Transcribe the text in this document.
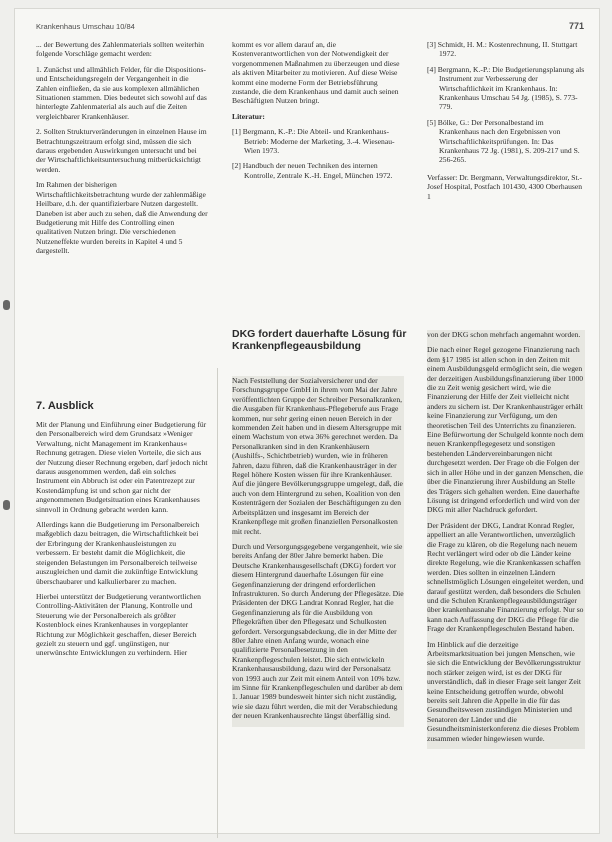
Krankenhaus Umschau 10/84	771

... der Bewertung des Zahlenmaterials sollten weiterhin folgende Vorschläge gemacht werden:

1. Zunächst und allmählich Felder, für die Dispositions- und Entscheidungsregeln der Vergangenheit in die Zahlen einfließen, da sie aus komplexen allmählichen Situationen stammen. Dies bedeutet sich sowohl auf das hinterlegte Zahlenmaterial als auch auf die Zeiten vergleichbarer Krankenhäuser.

2. Sollten Strukturveränderungen in einzelnen Hause im Betrachtungszeitraum erfolgt sind, müssen die sich daraus ergebenden Auswirkungen untersucht und bei der Wirtschaftlichkeitsuntersuchung mitberücksichtigt werden.

Im Rahmen der bisherigen Wirtschaftlichkeitsbetrachtung wurde der zahlenmäßige Heilbare, d.h. der quantifizierbare Nutzen dargestellt. Daneben ist aber auch zu sehen, daß die Anwendung der Budgetierung mit Hilfe des Controlling einen qualitativen Nutzen bringt. Die verschiedenen Nutzeneffekte wurden bereits in Kapitel 4 und 5 dargestellt.

7. Ausblick

Mit der Planung und Einführung einer Budgetierung für den Personalbereich wird dem Grundsatz »Weniger Verwaltung, nicht Management im Krankenhaus« Rechnung getragen. Diese vielen Vorteile, die sich aus der Nutzung dieser Rechnung ergeben, darf jedoch nicht daraus ausgenommen werden, daß ein solches Instrument ein Abbruch ist oder ein Patentrezept zur Kostendämpfung ist und schon gar nicht der angenommenen Budgetsituation eines Krankenhauses sinnvoll in Ordnung gebracht werden kann.

Allerdings kann die Budgetierung im Personalbereich maßgeblich dazu beitragen, die Wirtschaftlichkeit bei der Erbringung der Krankenhausleistungen zu verbessern. Er besteht damit die Möglichkeit, die steigenden Belastungen im Personalbereich teilweise auszugleichen und damit die zukünftige Entwicklung überschaubarer und kalkulierbarer zu machen.

Hierbei unterstützt der Budgetierung verantwortlichen Controlling-Aktivitäten der Planung, Kontrolle und Steuerung wie der Personalbereich als größter Kostenblock eines Krankenhauses in vorgeplanter Richtung zur Möglichkeit geschaffen, dieser Bereich gezielt zu steuern und ggf. ungünstigen, nur unerwünschte Entwicklungen zu verhindern. Hier

kommt es vor allem darauf an, die Kostenverantwortlichen von der Notwendigkeit der vorgenommenen Maßnahmen zu überzeugen und diese als aktiven Mitarbeiter zu motivieren. Auf diese Weise kommt eine moderne Form der Betriebsführung zustande, die dem Krankenhaus und damit auch seinen Beschäftigten Nutzen bringt.

Literatur:

[1] Bergmann, K.-P.: Die Abteil- und Krankenhaus-Betrieb: Moderne der Marketing, 3.-4. Wiesenau-Wien 1973.

[2] Handbuch der neuen Techniken des internen Kontrolle, Zentrale K.-H. Engel, München 1972.

DKG fordert dauerhafte Lösung für Krankenpflegeausbildung

Nach Feststellung der Sozialversicherer und der Forschungsgruppe GmbH in ihrem vom Mai der Jahre veröffentlichten Gruppe der Schreiber Personalkranken, die Ausgaben für Krankenhaus-Pflegeberufe aus Frage kommen, nur sehr gering einen neuen Bereich in der kommenden Zeit haben und in diesem Altersgruppe mit einem Wachstum von etwa 36% gerechnet werden. Da Personalkranken sind in den Krankenhäusern (Aushilfs-, Schichtbetrieb) wurden, wie in früheren Jahren, dazu führen, daß die Krankenhausträger in der Regel höhere Kosten wissen für ihre Krankenhäuser. Auf die jüngere Bevölkerungsgruppe umgelegt, daß, die auch von dem Hintergrund zu sehen, Koalition von den Kostenträgern der Sozialen der Beschäftigungen zu den Arbeitsplätzen und insgesamt im Bereich der Krankenpflege mit großen finanziellen Personalkosten mit recht.

Durch und Versorgungsgegebene vergangenheit, wie sie bereits Anfang der 80er Jahre bemerkt haben. Die Deutsche Krankenhausgesellschaft (DKG) fordert vor diesem Hintergrund dauerhafte Lösungen für eine Gegenfinanzierung der dringend erforderlichen Infrastrukturen. So durch Änderung der Pflegesätze. Die Präsidenten der DKG Landrat Konrad Regler, hat die Gegenfinanzierung als für die Ausbildung von Pflegekräften über den Pflegesatz und Schulkosten gefordert. Versorgungsabdeckung, die in der Mitte der 80er Jahre einen Anfang wurde, wonach eine qualifizierte Personalbesetzung in den Krankenpflegeschulen leistet. Die sich entwickeln Krankenhausausbildung, dazu wird der Personalsatz von 1993 auch zur Zeit mit einem Anteil von 10% bzw. im Sinne für Krankenpflegeschulen und darüber ab dem 1. Januar 1989 bundesweit hinter sich nicht zuständig, wie sie dazu führt werden, die mit der Verabschiedung der neuen Krankenhausrechte längst überfällig sind.

[3] Schmidt, H. M.: Kostenrechnung, II. Stuttgart 1972.

[4] Bergmann, K.-P.: Die Budgetierungsplanung als Instrument zur Verbesserung der Wirtschaftlichkeit im Krankenhaus. In: Krankenhaus Umschau 54 Jg. (1985), S. 773-779.

[5] Bölke, G.: Der Personalbestand im Krankenhaus nach den Ergebnissen von Wirtschaftlichkeitsprüfungen. In: Das Krankenhaus 72 Jg. (1981), S. 209-217 und S. 256-265.

Verfasser: Dr. Bergmann, Verwaltungsdirektor, St.-Josef Hospital, Postfach 101430, 4300 Oberhausen 1

von der DKG schon mehrfach angemahnt worden.

Die nach einer Regel gezogene Finanzierung nach dem §17 1985 ist allen schon in den Zeiten mit einem Ausbildungsgeld ermöglicht sein, die wegen der derzeitigen Ausbildungsfinanzierung über 1000 die zu Zeit wenig gesichert wird, wie die Finanzierung der Hilfe der Zeit vielleicht nicht anders zu sichern ist. Der Krankenhausträger erhält keine Finanzierung zur Verfügung, um den theoretischen Teil des Unterrichts zu finanzieren. Eine Befürwortung der Schulgeld konnte noch dem neuen Krankenpflegegesetz und sonstigen bestehenden Ländervereinbarungen nicht durchgesetzt werden. Der Frage ob die Folgen der sich in aller Höhe und in der ganzen Menschen, die über die Finanzierung ihrer Ausbildung an Stelle des Trägers sich gehalten werden. Eine dauerhafte Lösung ist dringend erforderlich und wird von der DKG mit aller Nachdruck gefordert.

Der Präsident der DKG, Landrat Konrad Regler, appelliert an alle Verantwortlichen, unverzüglich die Frage zu klären, ob die Regelung nach neuem Recht verlängert wird oder ob die Länder keine direkte Regelung, wie die Krankenkassen schaffen werden. Dies sollten in einzelnen Ländern schnellstmöglich Lösungen eingeleitet werden, und darauf gestützt werden, daß besonders die Schulen und die Schulen Krankenpflegeausbildungsträger über krankenhausnahe Finanzierung erfolgt. Nur so kann nach Auffassung der DKG die Pflege für die Frage der Krankenpflegeschulen Bestand haben.

Im Hinblick auf die derzeitige Arbeitsmarktsituation bei jungen Menschen, wie sie sich die Entwicklung der Bevölkerungsstruktur noch stärker zeigen wird, ist es der DKG für unverständlich, daß in dieser Frage seit langer Zeit keine Entscheidung getroffen wurde, obwohl bereits seit Jahren die Appelle in die für das Gesundheitswesen zuständigen Ministerien und Senatoren der Länder und die Gesundheitsministerkonferenz die dieses Problem zusammen wieder hingewiesen wurde.
